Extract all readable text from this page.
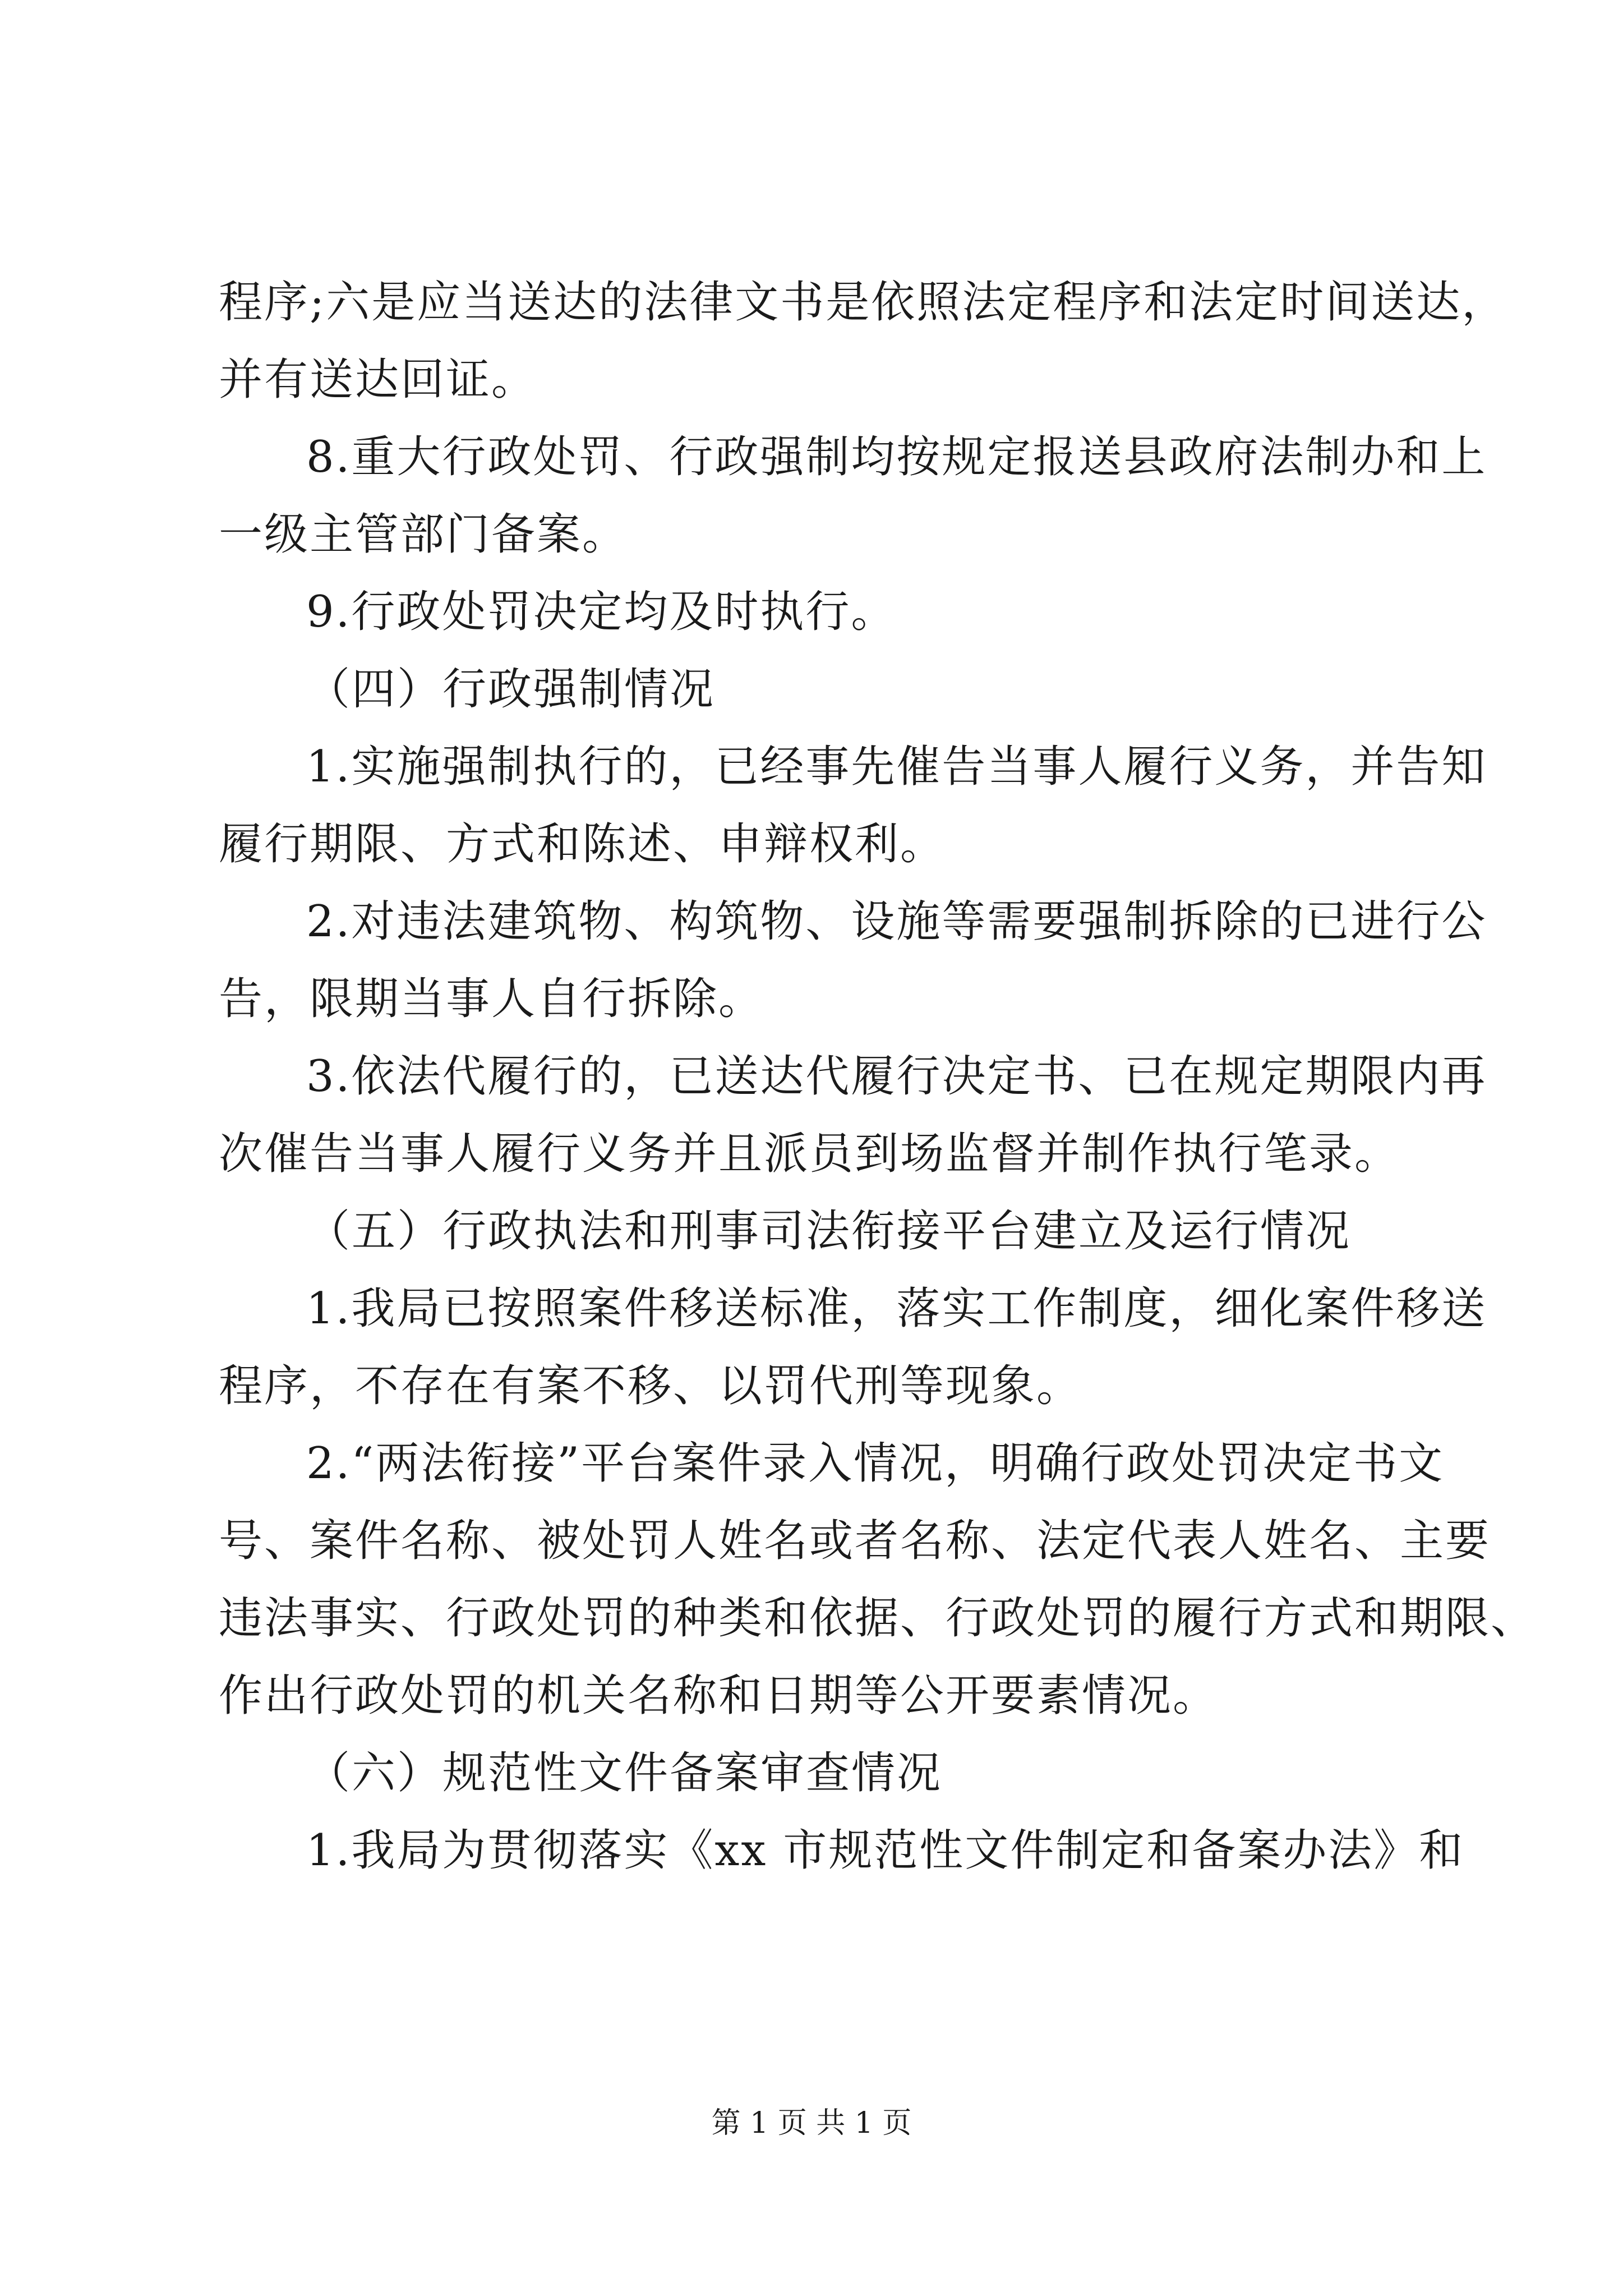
程序;六是应当送达的法律文书是依照法定程序和法定时间送达，
并有送达回证。
8.重大行政处罚、行政强制均按规定报送县政府法制办和上
一级主管部门备案。
9.行政处罚决定均及时执行。
（四）行政强制情况
1.实施强制执行的，已经事先催告当事人履行义务，并告知
履行期限、方式和陈述、申辩权利。
2.对违法建筑物、构筑物、设施等需要强制拆除的已进行公
告，限期当事人自行拆除。
3.依法代履行的，已送达代履行决定书、已在规定期限内再
次催告当事人履行义务并且派员到场监督并制作执行笔录。
（五）行政执法和刑事司法衔接平台建立及运行情况
1.我局已按照案件移送标准，落实工作制度，细化案件移送
程序，不存在有案不移、以罚代刑等现象。
2.“两法衔接”平台案件录入情况，明确行政处罚决定书文
号、案件名称、被处罚人姓名或者名称、法定代表人姓名、主要
违法事实、行政处罚的种类和依据、行政处罚的履行方式和期限、
作出行政处罚的机关名称和日期等公开要素情况。
（六）规范性文件备案审查情况
1.我局为贯彻落实《xx 市规范性文件制定和备案办法》和
第 1 页 共 1 页
